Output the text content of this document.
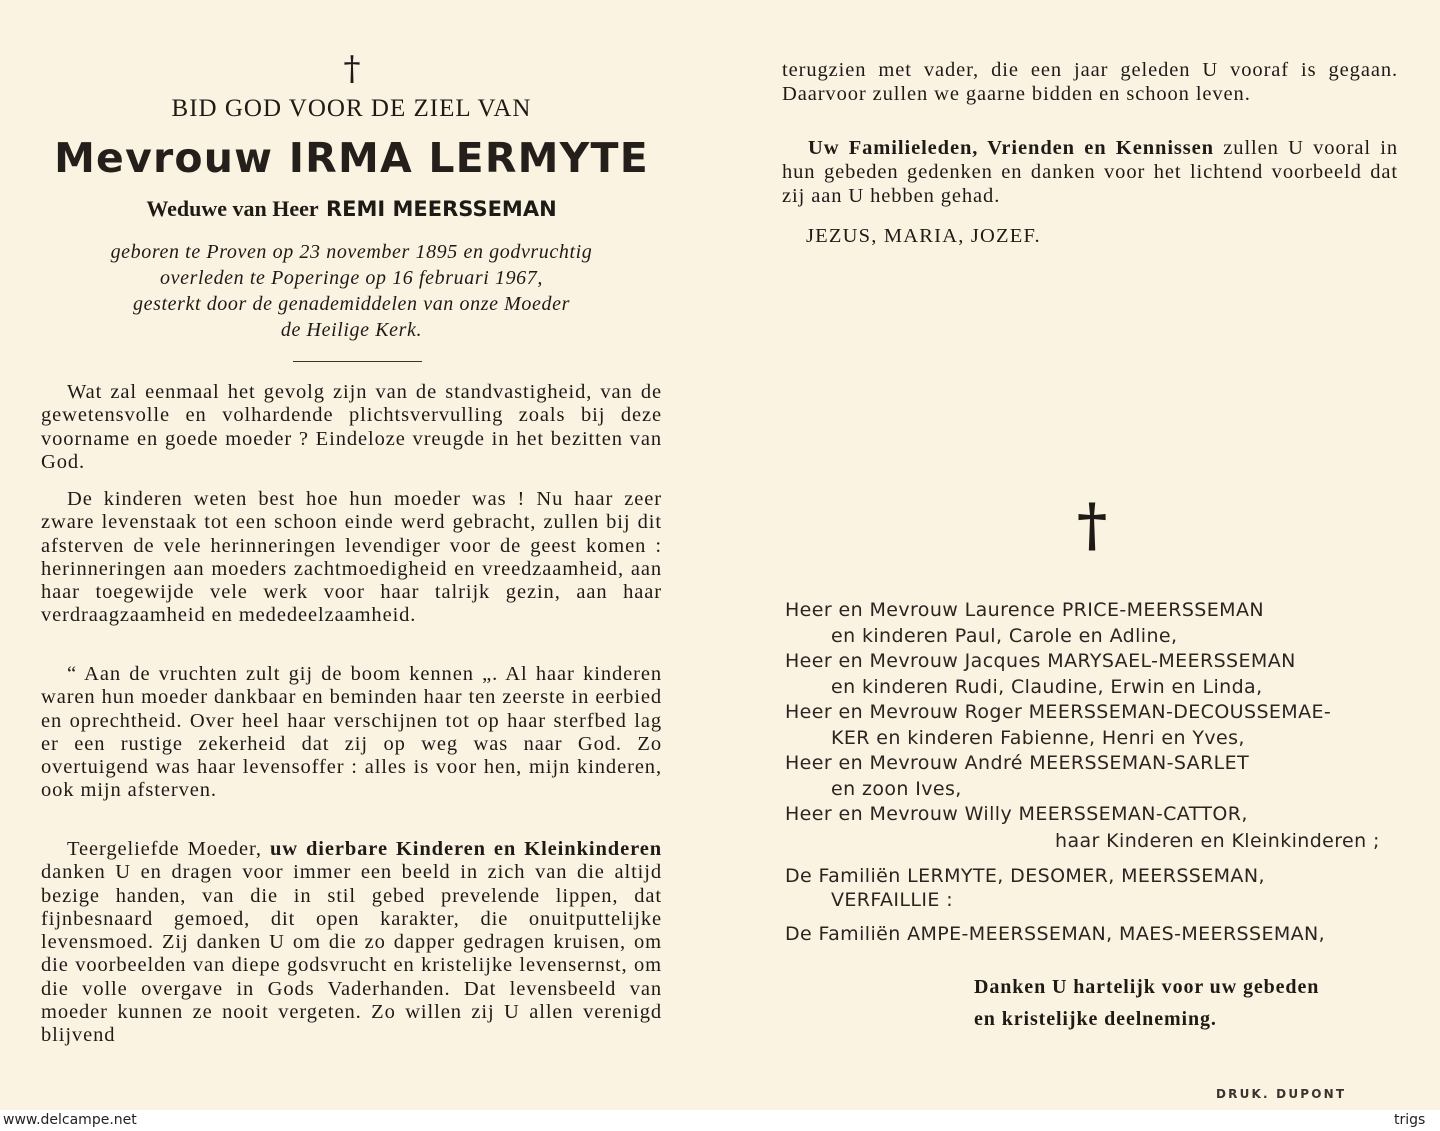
†
BID GOD VOOR DE ZIEL VAN
Mevrouw IRMA LERMYTE
Weduwe van Heer REMI MEERSSEMAN
geboren te Proven op 23 november 1895 en godvruchtig
overleden te Poperinge op 16 februari 1967,
gesterkt door de genademiddelen van onze Moeder
de Heilige Kerk.

Wat zal eenmaal het gevolg zijn van de standvastigheid, van de gewetensvolle en volhardende plichtsvervulling zoals bij deze voorname en goede moeder ? Eindeloze vreugde in het bezitten van God.

De kinderen weten best hoe hun moeder was ! Nu haar zeer zware levenstaak tot een schoon einde werd gebracht, zullen bij dit afsterven de vele herinneringen levendiger voor de geest komen : herinneringen aan moeders zachtmoedigheid en vreedzaamheid, aan haar toegewijde vele werk voor haar talrijk gezin, aan haar verdraagzaamheid en mededeelzaamheid.

“ Aan de vruchten zult gij de boom kennen „. Al haar kinderen waren hun moeder dankbaar en beminden haar ten zeerste in eerbied en oprechtheid. Over heel haar verschijnen tot op haar sterfbed lag er een rustige zekerheid dat zij op weg was naar God. Zo overtuigend was haar levensoffer : alles is voor hen, mijn kinderen, ook mijn afsterven.

Teergeliefde Moeder, uw dierbare Kinderen en Kleinkinderen danken U en dragen voor immer een beeld in zich van die altijd bezige handen, van die in stil gebed prevelende lippen, dat fijnbesnaard gemoed, dit open karakter, die onuitputtelijke levensmoed. Zij danken U om die zo dapper gedragen kruisen, om die voorbeelden van diepe godsvrucht en kristelijke levensernst, om die volle overgave in Gods Vaderhanden. Dat levensbeeld van moeder kunnen ze nooit vergeten. Zo willen zij U allen verenigd blijvend

terugzien met vader, die een jaar geleden U vooraf is gegaan. Daarvoor zullen we gaarne bidden en schoon leven.

Uw Familieleden, Vrienden en Kennissen zullen U vooral in hun gebeden gedenken en danken voor het lichtend voorbeeld dat zij aan U hebben gehad.

JEZUS, MARIA, JOZEF.

†
Heer en Mevrouw Laurence PRICE-MEERSSEMAN
en kinderen Paul, Carole en Adline,
Heer en Mevrouw Jacques MARYSAEL-MEERSSEMAN
en kinderen Rudi, Claudine, Erwin en Linda,
Heer en Mevrouw Roger MEERSSEMAN-DECOUSSEMAE-
KER en kinderen Fabienne, Henri en Yves,
Heer en Mevrouw André MEERSSEMAN-SARLET
en zoon Ives,
Heer en Mevrouw Willy MEERSSEMAN-CATTOR,
haar Kinderen en Kleinkinderen ;
De Familiën LERMYTE, DESOMER, MEERSSEMAN,
VERFAILLIE :
De Familiën AMPE-MEERSSEMAN, MAES-MEERSSEMAN,
Danken U hartelijk voor uw gebeden
en kristelijke deelneming.
DRUK. DUPONT
www.delcampe.net	trigs
